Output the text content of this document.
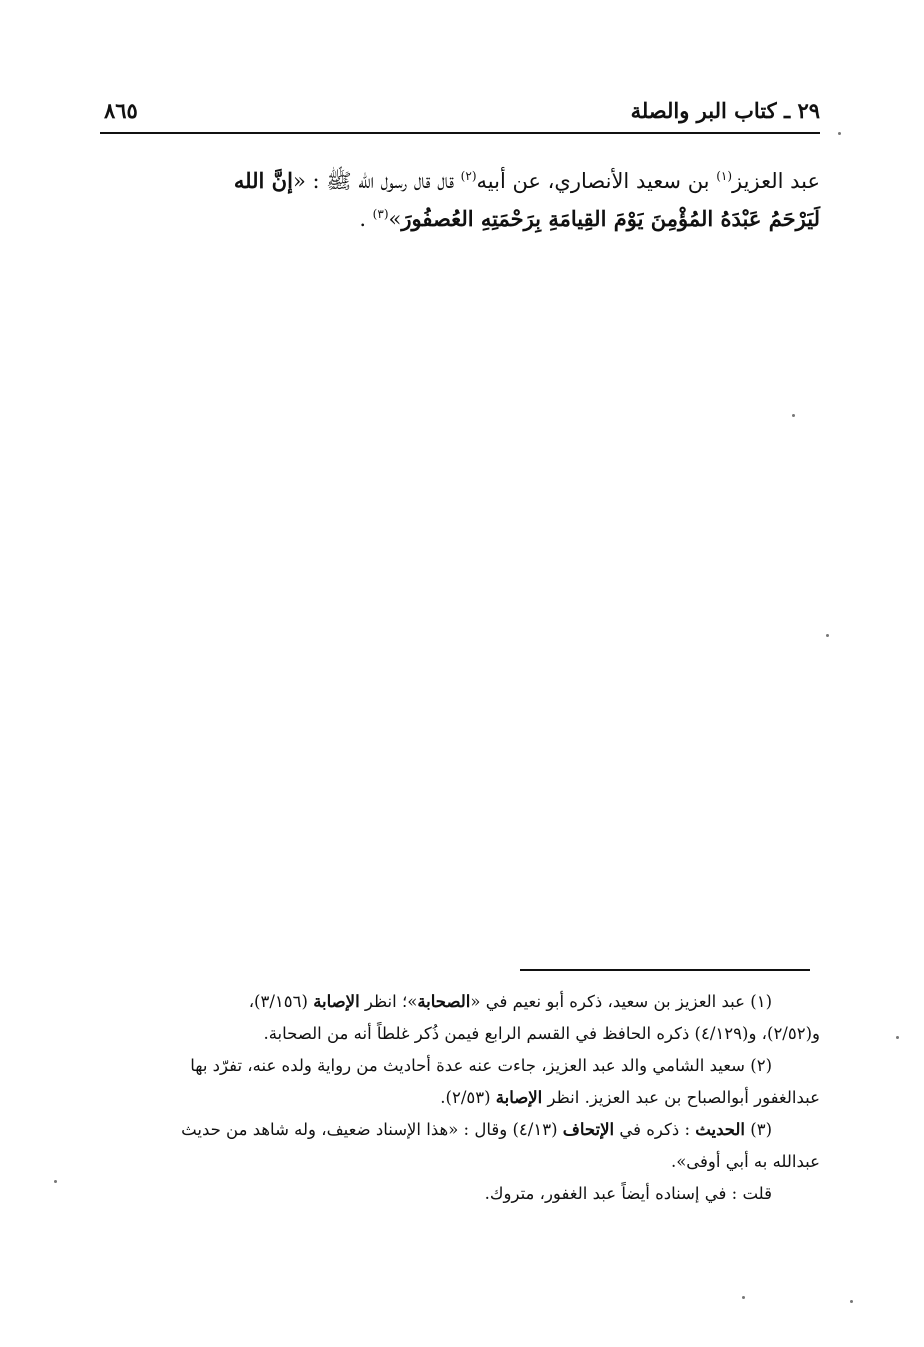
٢٩ ـ كتاب البر والصلة
٨٦٥
عبد العزيز$^{(١)}$ بن سعيد الأنصاري، عن أبيه$^{(٢)}$ قال قال رسول الله ﷺ : «إنَّ الله
لَيَرْحَمُ عَبْدَهُ المُؤْمِنَ يَوْمَ القِيامَةِ بِرَحْمَتِهِ العُصفُورَ»$^{(٣)}$ .
(١) عبد العزيز بن سعيد، ذكره أبو نعيم في «الصحابة»؛ انظر الإصابة (٣/١٥٦)،
و(٢/٥٢)، و(٤/١٢٩) ذكره الحافظ في القسم الرابع فيمن ذُكر غلطاً أنه من الصحابة.
(٢) سعيد الشامي والد عبد العزيز، جاءت عنه عدة أحاديث من رواية ولده عنه، تفرّد بها
عبدالغفور أبوالصباح بن عبد العزيز. انظر الإصابة (٢/٥٣).
(٣) الحديث : ذكره في الإتحاف (٤/١٣) وقال : «هذا الإسناد ضعيف، وله شاهد من حديث
عبدالله به أبي أوفى».
قلت : في إسناده أيضاً عبد الغفور، متروك.
